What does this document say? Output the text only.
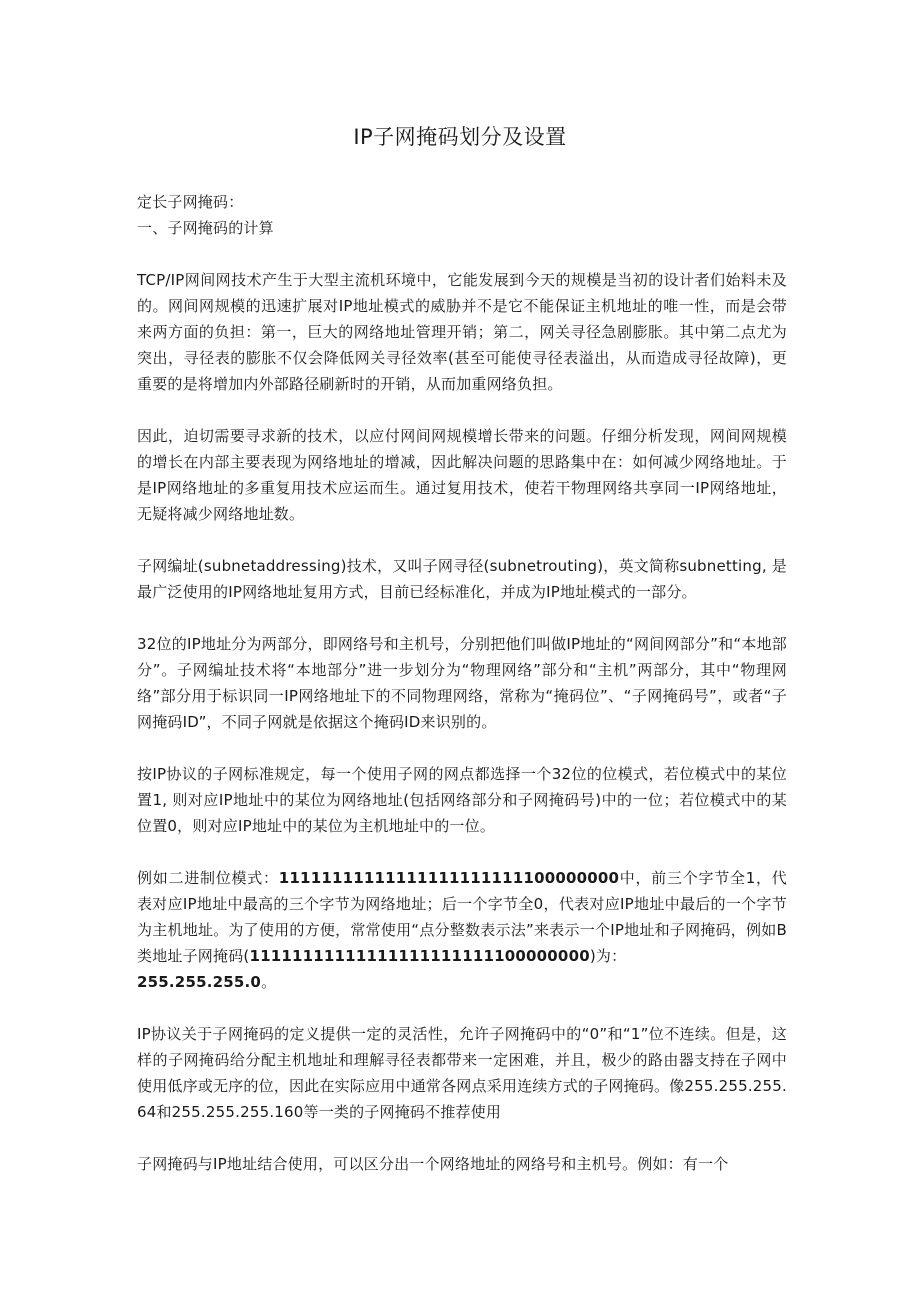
IP子网掩码划分及设置

定长子网掩码：

一、子网掩码的计算

TCP/IP网间网技术产生于大型主流机环境中，它能发展到今天的规模是当初的设计者们始料未及的。网间网规模的迅速扩展对IP地址模式的威胁并不是它不能保证主机地址的唯一性，而是会带来两方面的负担：第一，巨大的网络地址管理开销；第二，网关寻径急剧膨胀。其中第二点尤为突出，寻径表的膨胀不仅会降低网关寻径效率(甚至可能使寻径表溢出，从而造成寻径故障)，更重要的是将增加内外部路径刷新时的开销，从而加重网络负担。

因此，迫切需要寻求新的技术，以应付网间网规模增长带来的问题。仔细分析发现，网间网规模的增长在内部主要表现为网络地址的增减，因此解决问题的思路集中在：如何减少网络地址。于是IP网络地址的多重复用技术应运而生。通过复用技术，使若干物理网络共享同一IP网络地址，无疑将减少网络地址数。

子网编址(subnetaddressing)技术，又叫子网寻径(subnetrouting)，英文简称subnetting, 是最广泛使用的IP网络地址复用方式，目前已经标准化，并成为IP地址模式的一部分。

32位的IP地址分为两部分，即网络号和主机号，分别把他们叫做IP地址的“网间网部分”和“本地部分”。子网编址技术将“本地部分”进一步划分为“物理网络”部分和“主机”两部分，其中“物理网络”部分用于标识同一IP网络地址下的不同物理网络，常称为“掩码位”、“子网掩码号”，或者“子网掩码ID”，不同子网就是依据这个掩码ID来识别的。

按IP协议的子网标准规定，每一个使用子网的网点都选择一个32位的位模式，若位模式中的某位置1, 则对应IP地址中的某位为网络地址(包括网络部分和子网掩码号)中的一位；若位模式中的某位置0，则对应IP地址中的某位为主机地址中的一位。

例如二进制位模式：11111111111111111111111100000000中，前三个字节全1，代表对应IP地址中最高的三个字节为网络地址；后一个字节全0，代表对应IP地址中最后的一个字节为主机地址。为了使用的方便，常常使用“点分整数表示法”来表示一个IP地址和子网掩码，例如B类地址子网掩码(11111111111111111111111100000000)为：
255.255.255.0。

IP协议关于子网掩码的定义提供一定的灵活性，允许子网掩码中的“0”和“1”位不连续。但是，这样的子网掩码给分配主机地址和理解寻径表都带来一定困难，并且，极少的路由器支持在子网中使用低序或无序的位，因此在实际应用中通常各网点采用连续方式的子网掩码。像255.255.255.64和255.255.255.160等一类的子网掩码不推荐使用

子网掩码与IP地址结合使用，可以区分出一个网络地址的网络号和主机号。例如：有一个
